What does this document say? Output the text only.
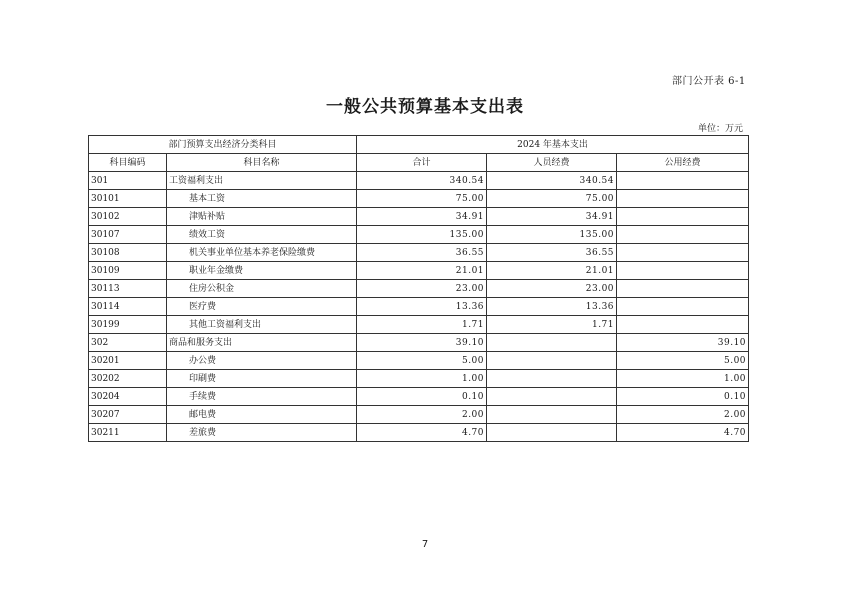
部门公开表 6-1
一般公共预算基本支出表
单位：万元
部门预算支出经济分类科目		2024 年基本支出		
科目编码	科目名称	合计	人员经费	公用经费
301	工资福利支出	340.54	340.54	
30101	基本工资	75.00	75.00	
30102	津贴补贴	34.91	34.91	
30107	绩效工资	135.00	135.00	
30108	机关事业单位基本养老保险缴费	36.55	36.55	
30109	职业年金缴费	21.01	21.01	
30113	住房公积金	23.00	23.00	
30114	医疗费	13.36	13.36	
30199	其他工资福利支出	1.71	1.71	
302	商品和服务支出	39.10		39.10
30201	办公费	5.00		5.00
30202	印刷费	1.00		1.00
30204	手续费	0.10		0.10
30207	邮电费	2.00		2.00
30211	差旅费	4.70		4.70
7
